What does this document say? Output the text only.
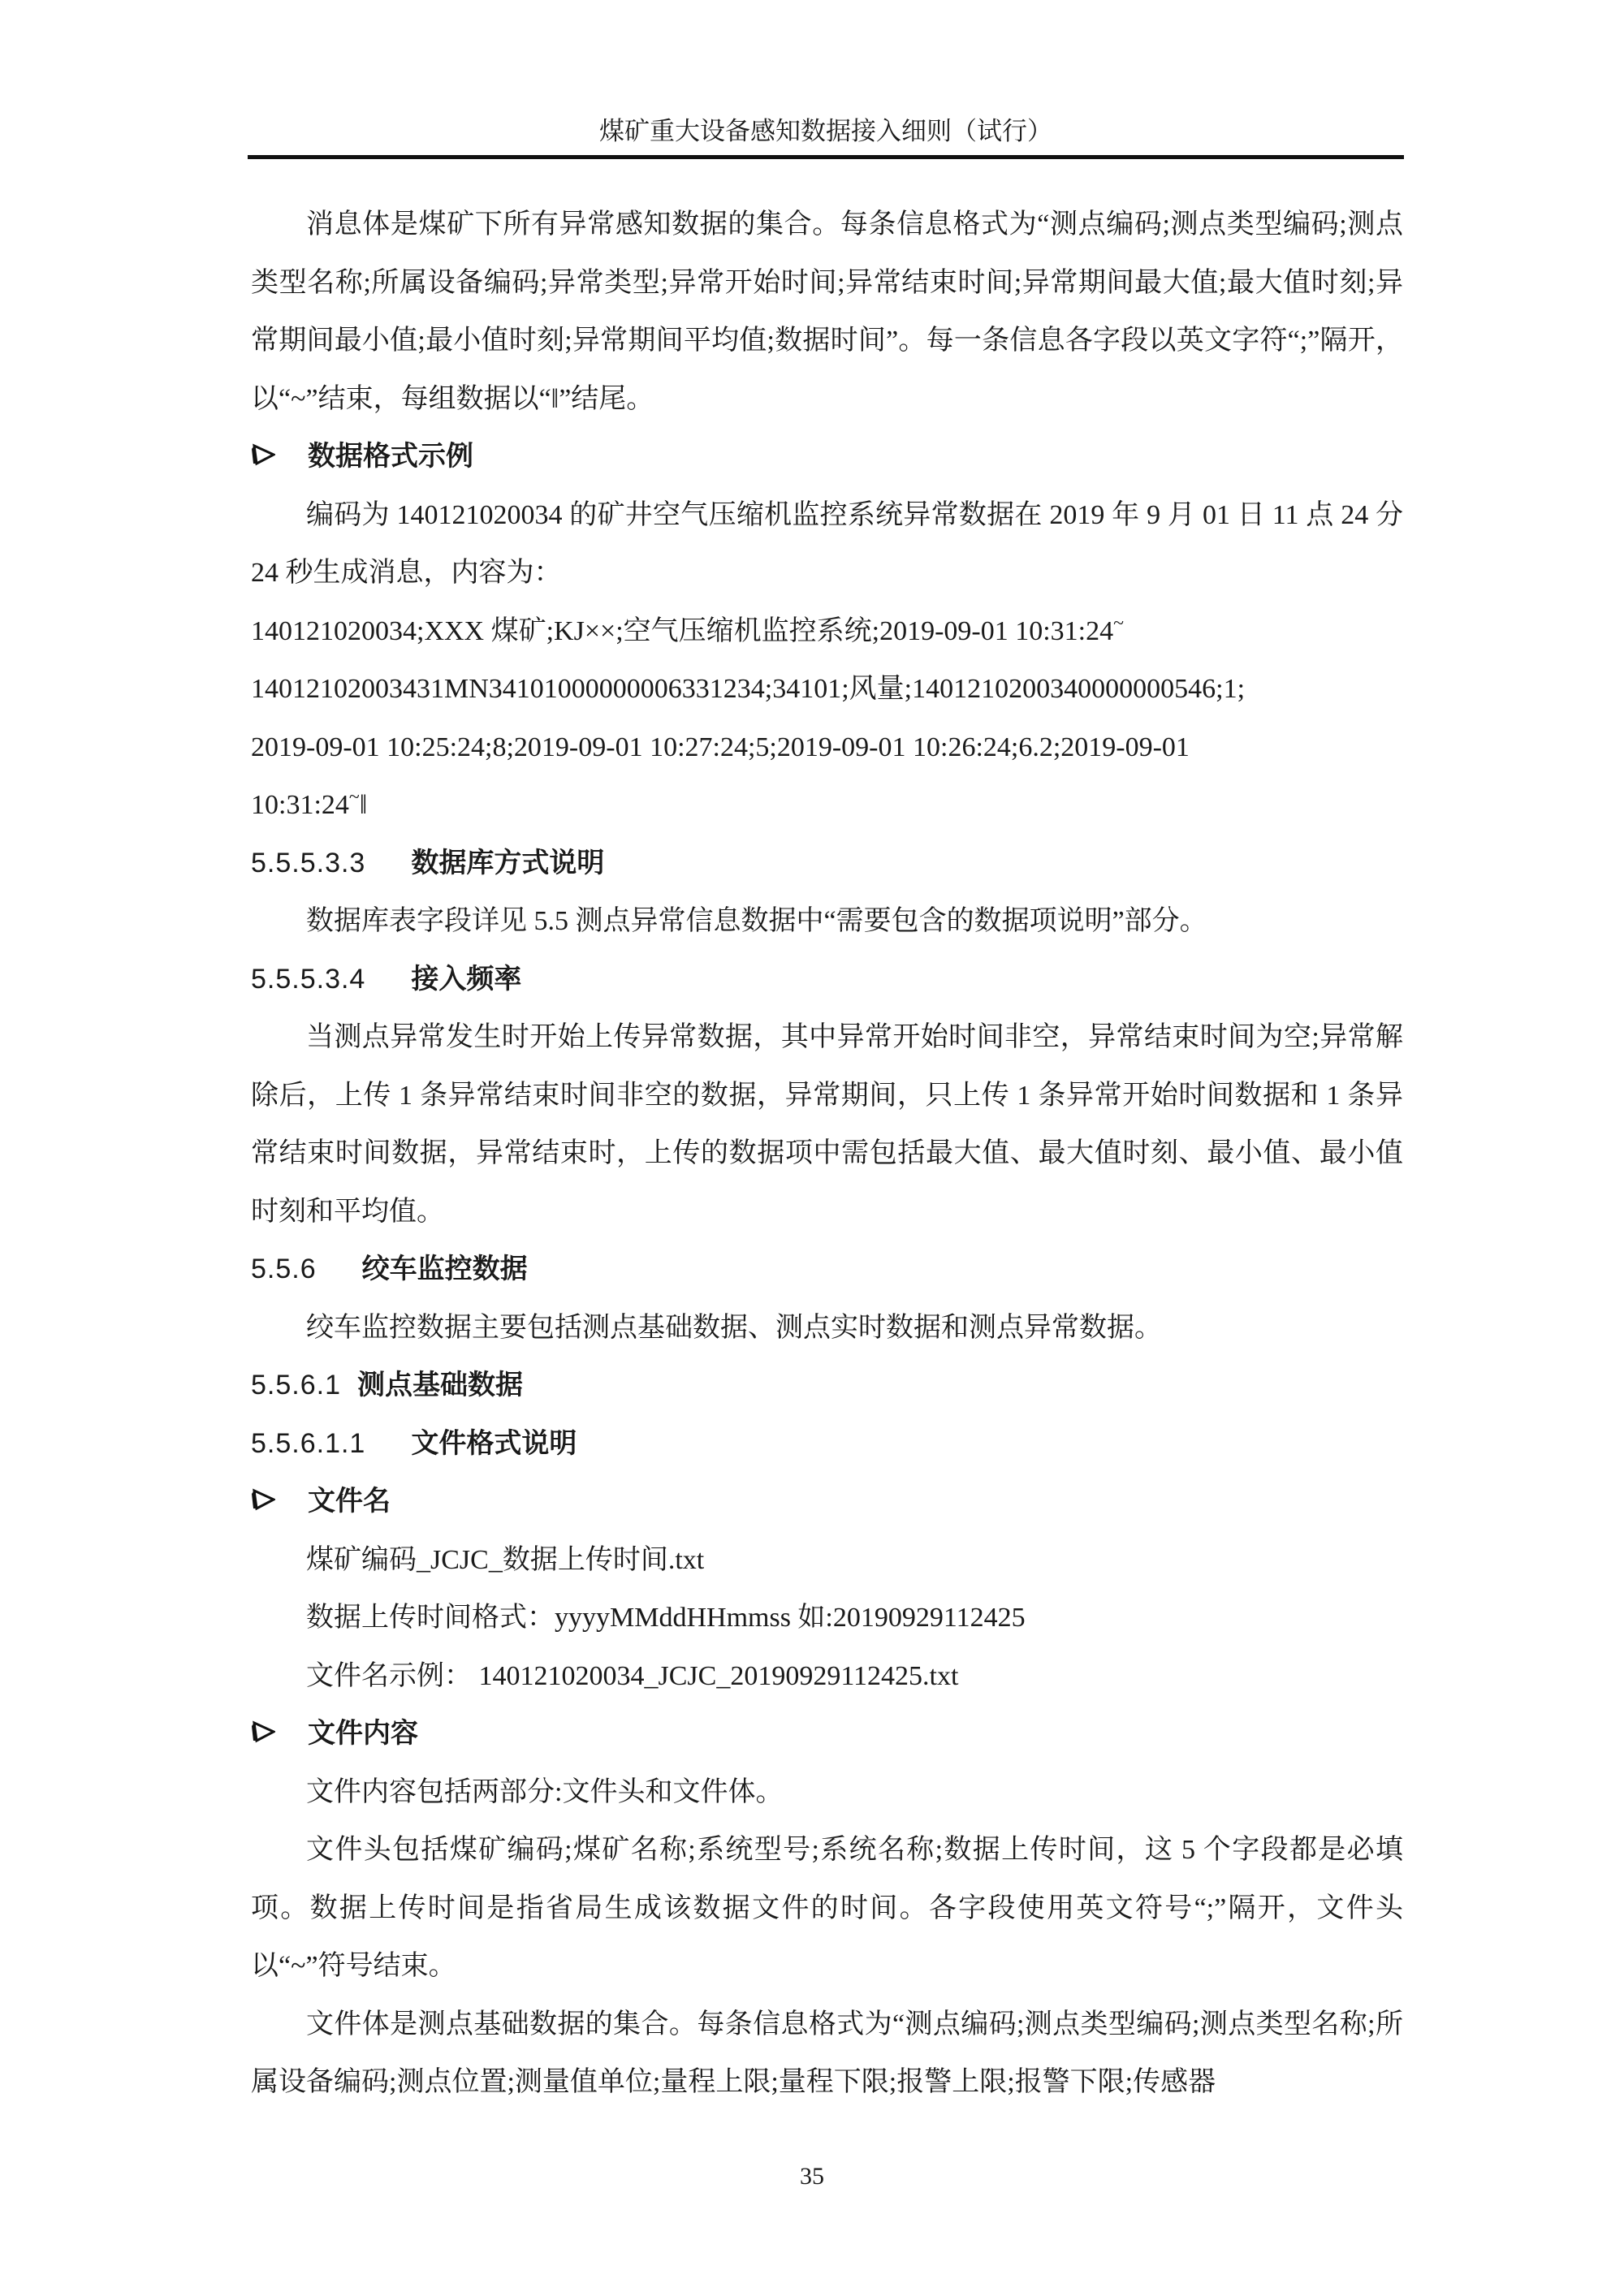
煤矿重大设备感知数据接入细则（试行）

消息体是煤矿下所有异常感知数据的集合。每条信息格式为“测点编码;测点类型编码;测点类型名称;所属设备编码;异常类型;异常开始时间;异常结束时间;异常期间最大值;最大值时刻;异常期间最小值;最小值时刻;异常期间平均值;数据时间”。每一条信息各字段以英文字符“;”隔开，以“~”结束，每组数据以“‖”结尾。

数据格式示例

编码为 140121020034 的矿井空气压缩机监控系统异常数据在 2019 年 9 月 01 日 11 点 24 分 24 秒生成消息，内容为：

140121020034;XXX 煤矿;KJ××;空气压缩机监控系统;2019-09-01 10:31:24~
14012102003431MN34101000000006331234;34101;风量;1401210200340000000546;1;
2019-09-01 10:25:24;8;2019-09-01 10:27:24;5;2019-09-01 10:26:24;6.2;2019-09-01
10:31:24~‖
5.5.5.3.3 数据库方式说明

数据库表字段详见 5.5 测点异常信息数据中“需要包含的数据项说明”部分。

5.5.5.3.4 接入频率

当测点异常发生时开始上传异常数据，其中异常开始时间非空，异常结束时间为空;异常解除后，上传 1 条异常结束时间非空的数据，异常期间，只上传 1 条异常开始时间数据和 1 条异常结束时间数据，异常结束时，上传的数据项中需包括最大值、最大值时刻、最小值、最小值时刻和平均值。

5.5.6 绞车监控数据

绞车监控数据主要包括测点基础数据、测点实时数据和测点异常数据。

5.5.6.1 测点基础数据
5.5.6.1.1 文件格式说明
文件名
煤矿编码_JCJC_数据上传时间.txt
数据上传时间格式：yyyyMMddHHmmss 如:20190929112425
文件名示例： 140121020034_JCJC_20190929112425.txt
文件内容

文件内容包括两部分:文件头和文件体。

文件头包括煤矿编码;煤矿名称;系统型号;系统名称;数据上传时间，这 5 个字段都是必填项。数据上传时间是指省局生成该数据文件的时间。各字段使用英文符号“;”隔开，文件头以“~”符号结束。

文件体是测点基础数据的集合。每条信息格式为“测点编码;测点类型编码;测点类型名称;所属设备编码;测点位置;测量值单位;量程上限;量程下限;报警上限;报警下限;传感器

35
